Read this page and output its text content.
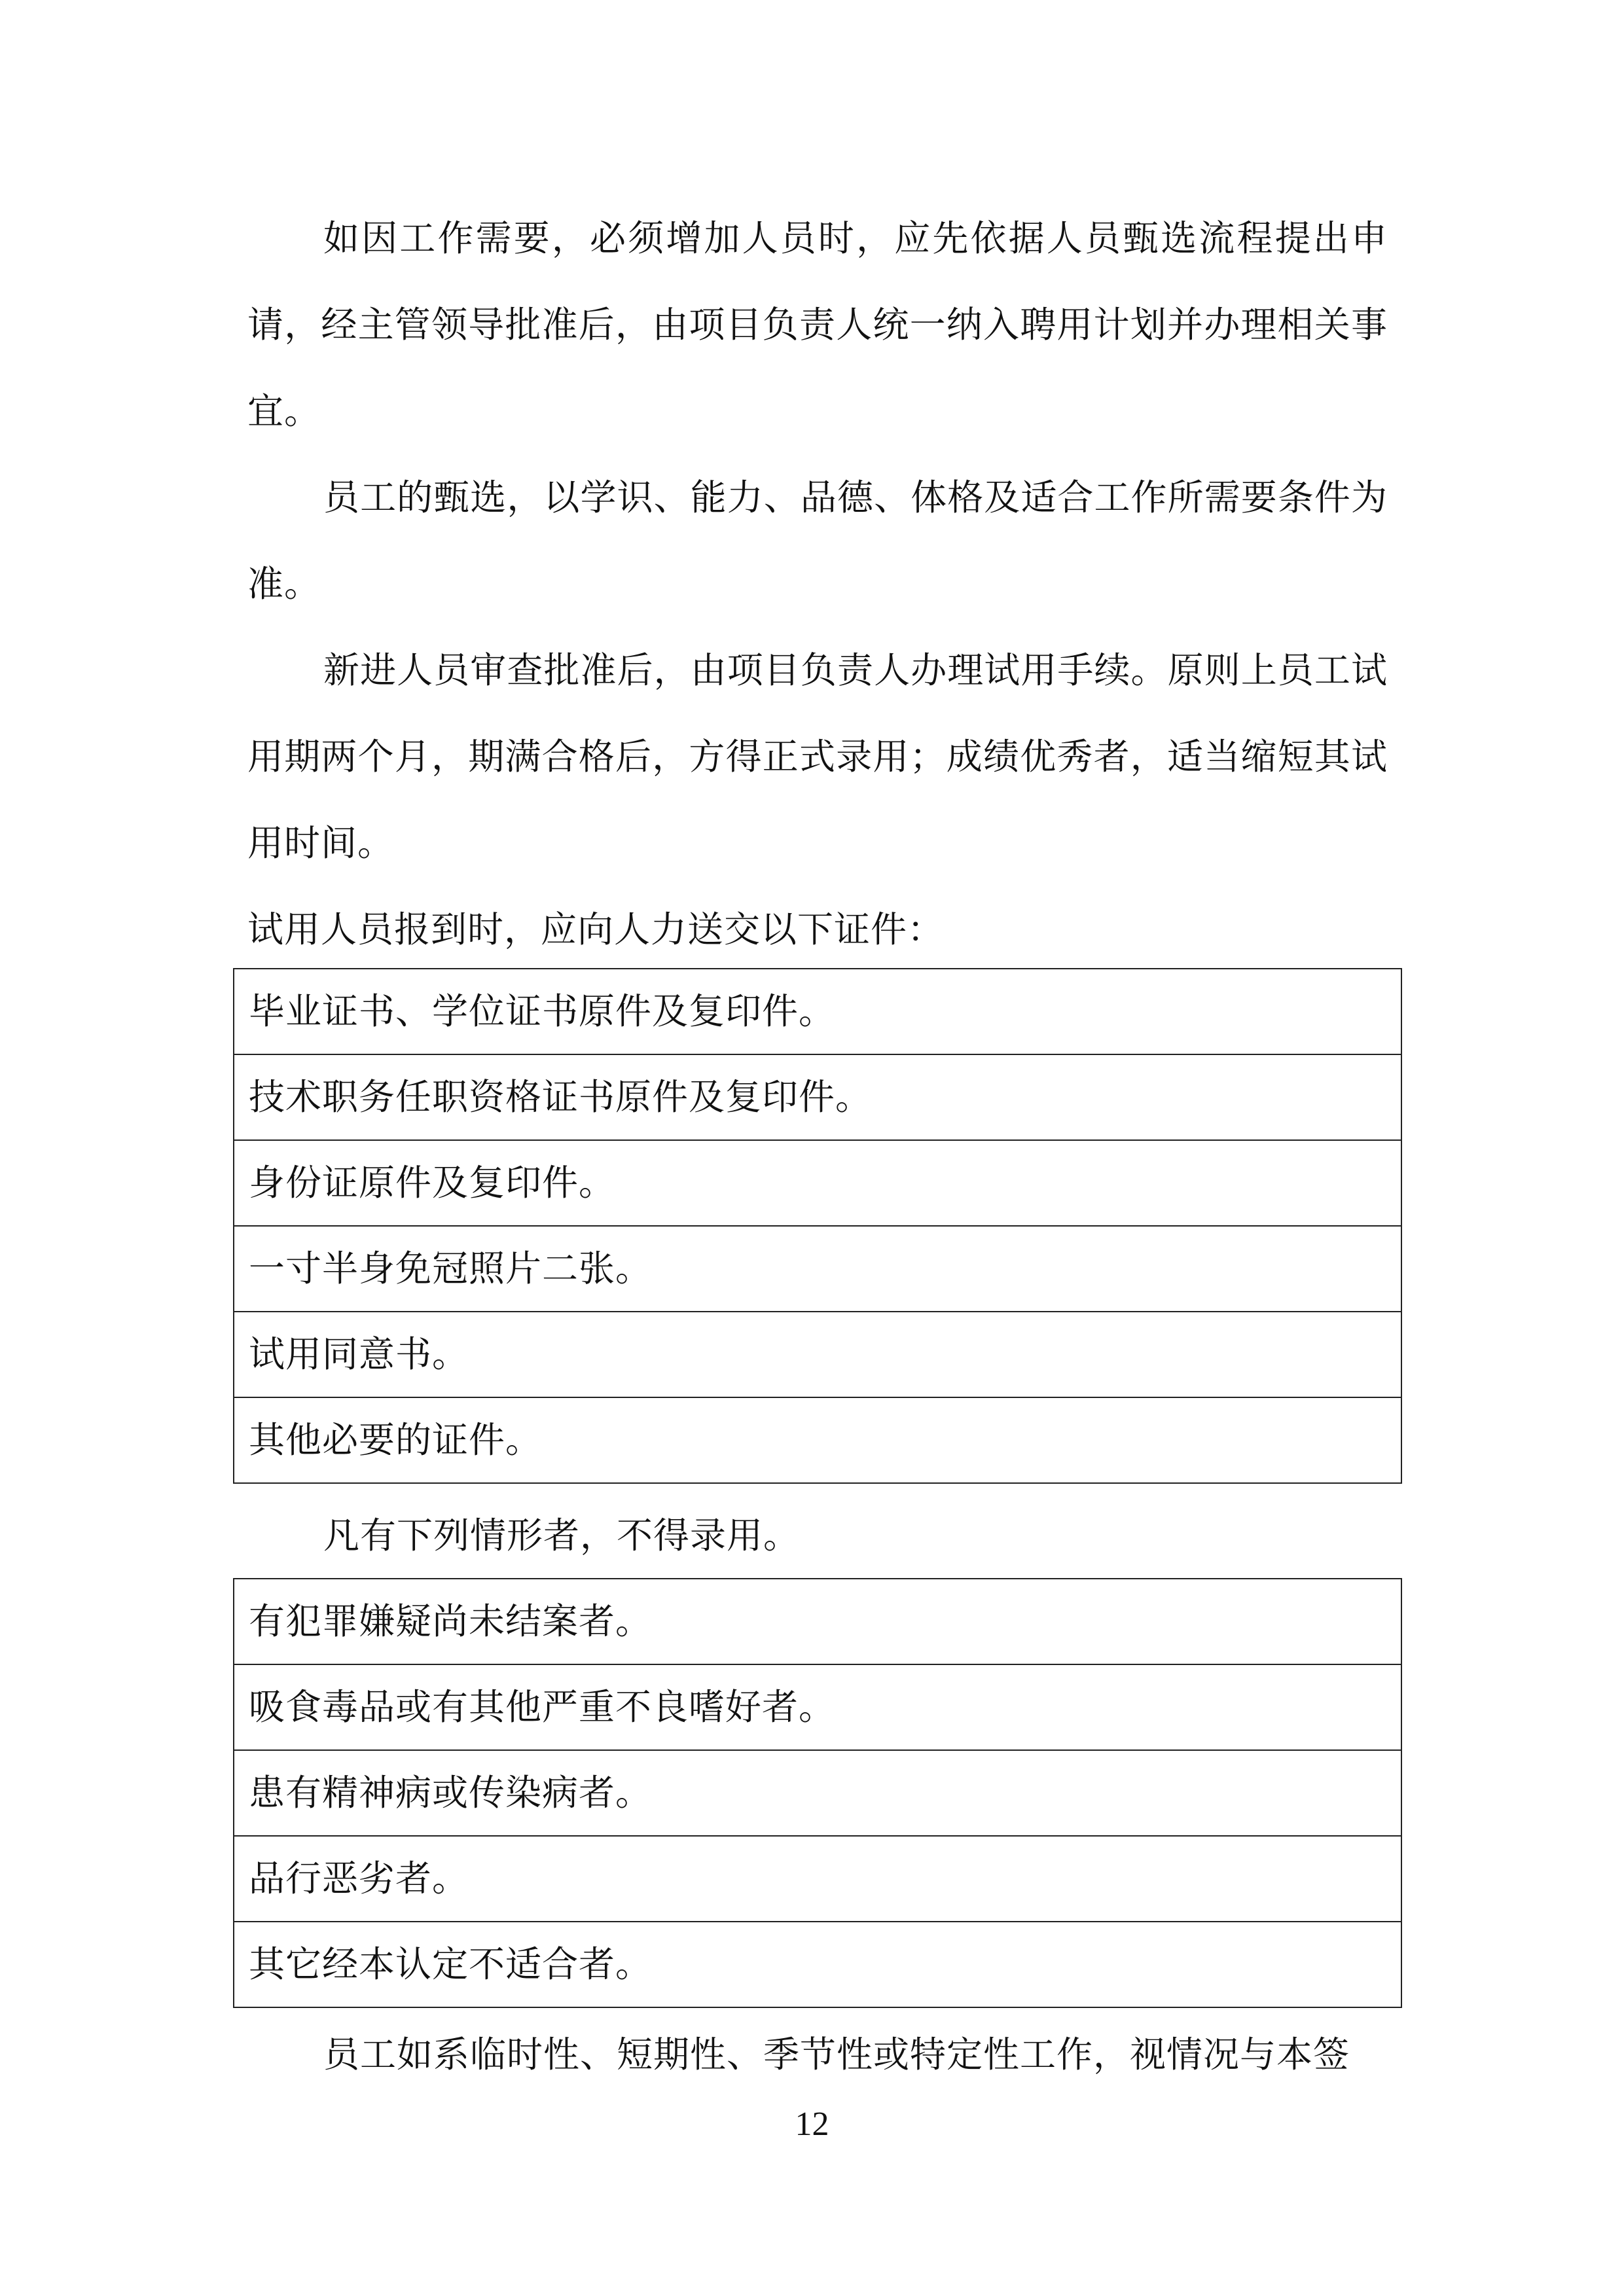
如因工作需要，必须增加人员时，应先依据人员甄选流程提出申请，经主管领导批准后，由项目负责人统一纳入聘用计划并办理相关事宜。

员工的甄选，以学识、能力、品德、体格及适合工作所需要条件为准。

新进人员审查批准后，由项目负责人办理试用手续。原则上员工试用期两个月，期满合格后，方得正式录用；成绩优秀者，适当缩短其试用时间。

试用人员报到时，应向人力送交以下证件：

毕业证书、学位证书原件及复印件。
技术职务任职资格证书原件及复印件。
身份证原件及复印件。
一寸半身免冠照片二张。
试用同意书。
其他必要的证件。

凡有下列情形者，不得录用。

有犯罪嫌疑尚未结案者。
吸食毒品或有其他严重不良嗜好者。
患有精神病或传染病者。
品行恶劣者。
其它经本认定不适合者。

员工如系临时性、短期性、季节性或特定性工作，视情况与本签

12
